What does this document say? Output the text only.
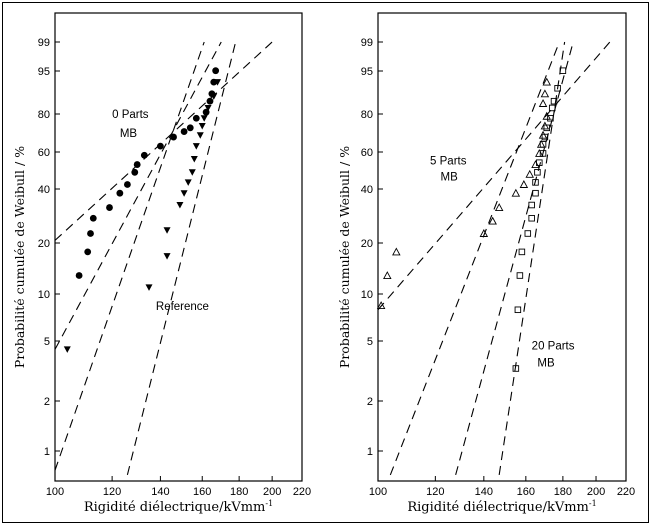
100	120	140 160 180 200 220
1
2
5
10
20
40
60
80
95
99
Rigidité diélectrique/kVmm$^{-1}$
Probabilité cumulée de Weibull / %
0 Parts
MB
Reference
100	120	140 160 180 200 220
1
2
5
10
20
40
60
80
95
99
Rigidité diélectrique/kVmm$^{-1}$
Probabilité cumulée de Weibull / %	5 Parts
MB
20 Parts
MB
